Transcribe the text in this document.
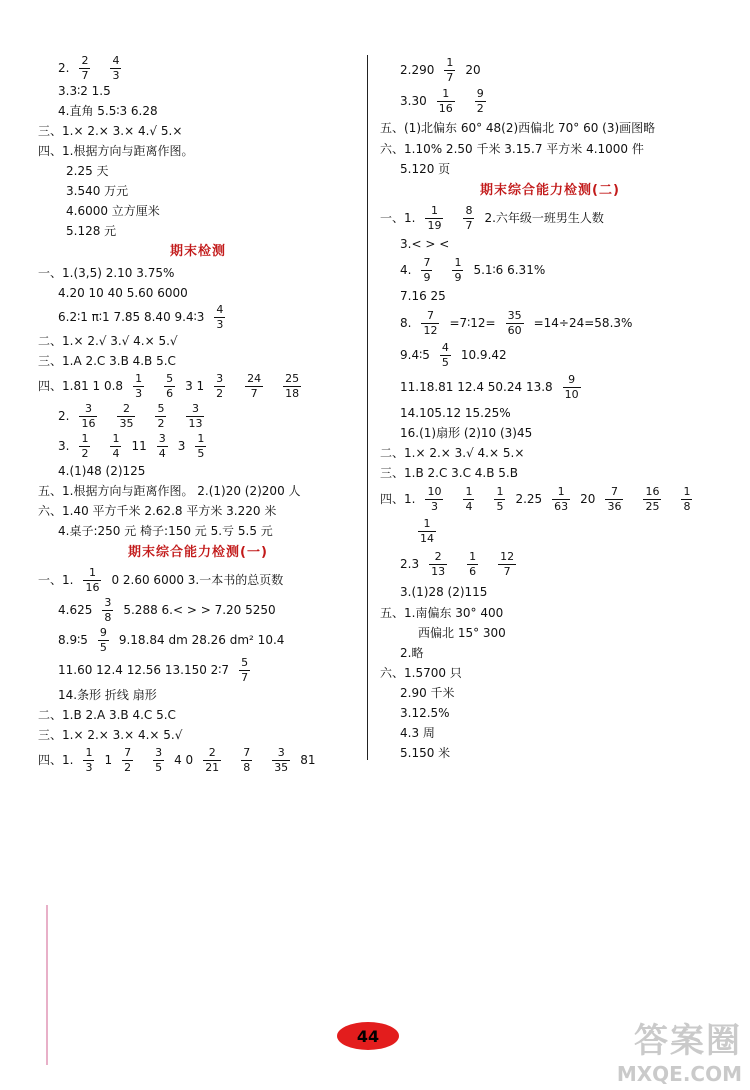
2. $\frac{2}{7} \frac{4}{3}$
3.3∶2 1.5
4.直角 5.5∶3 6.28
三、1.× 2.× 3.× 4.√ 5.×
四、1.根据方向与距离作图。
2.25 天
3.540 万元
4.6000 立方厘米
5.128 元
期末检测
一、1.(3,5) 2.10 3.75%
4.20 10 40 5.60 6000
6.2∶1 π∶1 7.85 8.40 9.4∶3 $\frac{4}{3}$
二、1.× 2.√ 3.√ 4.× 5.√
三、1.A 2.C 3.B 4.B 5.C
四、1.81 1 $0.8 \frac{1}{3} \frac{5}{6} 3$ $1 \frac{3}{2} \frac{24}{7} \frac{25}{18}$
2. $\frac{3}{16} \frac{2}{35} \frac{5}{2} \frac{3}{13}$
3. $\frac{1}{2} \frac{1}{4} 11 \frac{3}{4} 3 \frac{1}{5}$
4.(1)48 (2)125
五、1.根据方向与距离作图。 2.(1)20 (2)200 人
六、1.40 平方千米 2.62.8 平方米 3.220 米
4.桌子:250 元 椅子:150 元 5.亏 5.5 元
期末综合能力检测(一)
一、1. $\frac{1}{16} 0$ 2.60 6000 3.一本书的总页数
$4.625 \frac{3}{8} 5.288$ 6.< > > 7.20 5250
8.9∶5 $\frac{9}{5} 9.18.84$ dm 28.26 dm² 10.4
11.60 12.4 12.56 13.150 2∶7 $\frac{5}{7}$
14.条形 折线 扇形
二、1.B 2.A 3.B 4.C 5.C
三、1.× 2.× 3.× 4.× 5.√
四、1. $\frac{1}{3} 1 \frac{7}{2} \frac{3}{5} 4$ $0 \frac{2}{21} \frac{7}{8} \frac{3}{35} 81$
$2.290 \frac{1}{7} 20$
$3.30 \frac{1}{16} \frac{9}{2}$
五、(1)北偏东 60° 48(2)西偏北 70° 60 (3)画图略
六、1.10% 2.50 千米 3.15.7 平方米 4.1000 件
5.120 页
期末综合能力检测(二)
一、1. $\frac{1}{19} \frac{8}{7} 2$.六年级一班男生人数
3.< > <
4. $\frac{7}{9} \frac{1}{9}$ 5.1∶6 6.31%
7.16 25
8. $\frac{7}{12}$ =7∶12= $\frac{35}{60} =14\div 24=58.3\%$
9.4∶5 $\frac{4}{5} 10.9.42$
11.18.81 12.4 50.24 $13.8 \frac{9}{10}$
14.105.12 15.25%
16.(1)扇形 (2)10 (3)45
二、1.× 2.× 3.√ 4.× 5.×
三、1.B 2.C 3.C 4.B 5.B
四、1. $\frac{10}{3} \frac{1}{4} \frac{1}{5} 2.25 \frac{1}{63} 20 \frac{7}{36} \frac{16}{25} \frac{1}{8}$
$\frac{1}{14}$
$2.3 \frac{2}{13} \frac{1}{6} \frac{12}{7}$
3.(1)28 (2)115
五、1.南偏东 30° 400
西偏北 15° 300
2.略
六、1.5700 只
2.90 千米
3.12.5%
4.3 周
5.150 米
44	答案圈
MXQE.COM
